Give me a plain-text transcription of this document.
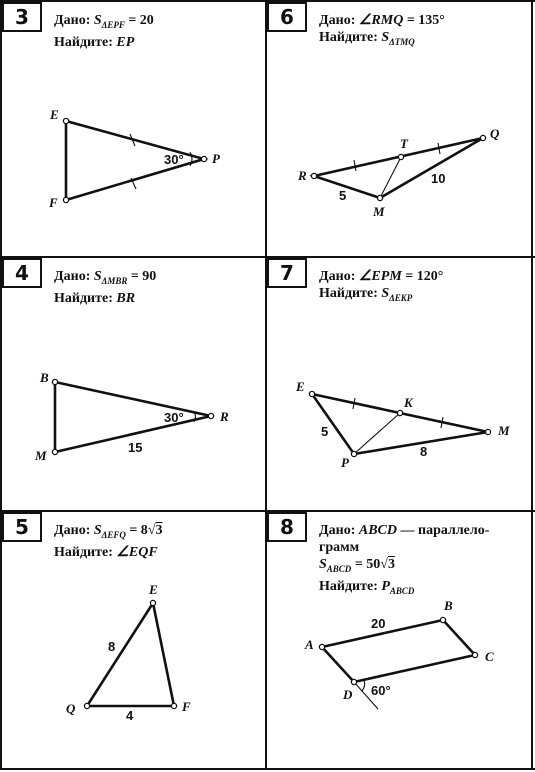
3	Дано: $S_{\Delta EPF} = 20$
Найдите: EP
E
F
P
30°
6	Дано: ∠RMQ = 135°
Найдите: $S_{\Delta TMQ}$
R
T
Q
M
5
10
4	Дано: $S_{\Delta MBR} = 90$
Найдите: BR
B
M
R
30°
15
7	Дано: ∠EPM = 120°
Найдите: $S_{\Delta EKP}$
E
K
M
P
5
8
5	Дано: $S_{\Delta EFQ} = 8√3$
Найдите: ∠EQF
E
Q	F
8
4
8	Дано: ABCD — параллело-грамм
$S_{ABCD} = 50√3$
Найдите: $P_{ABCD}$
A
B
C
D
20
60°
